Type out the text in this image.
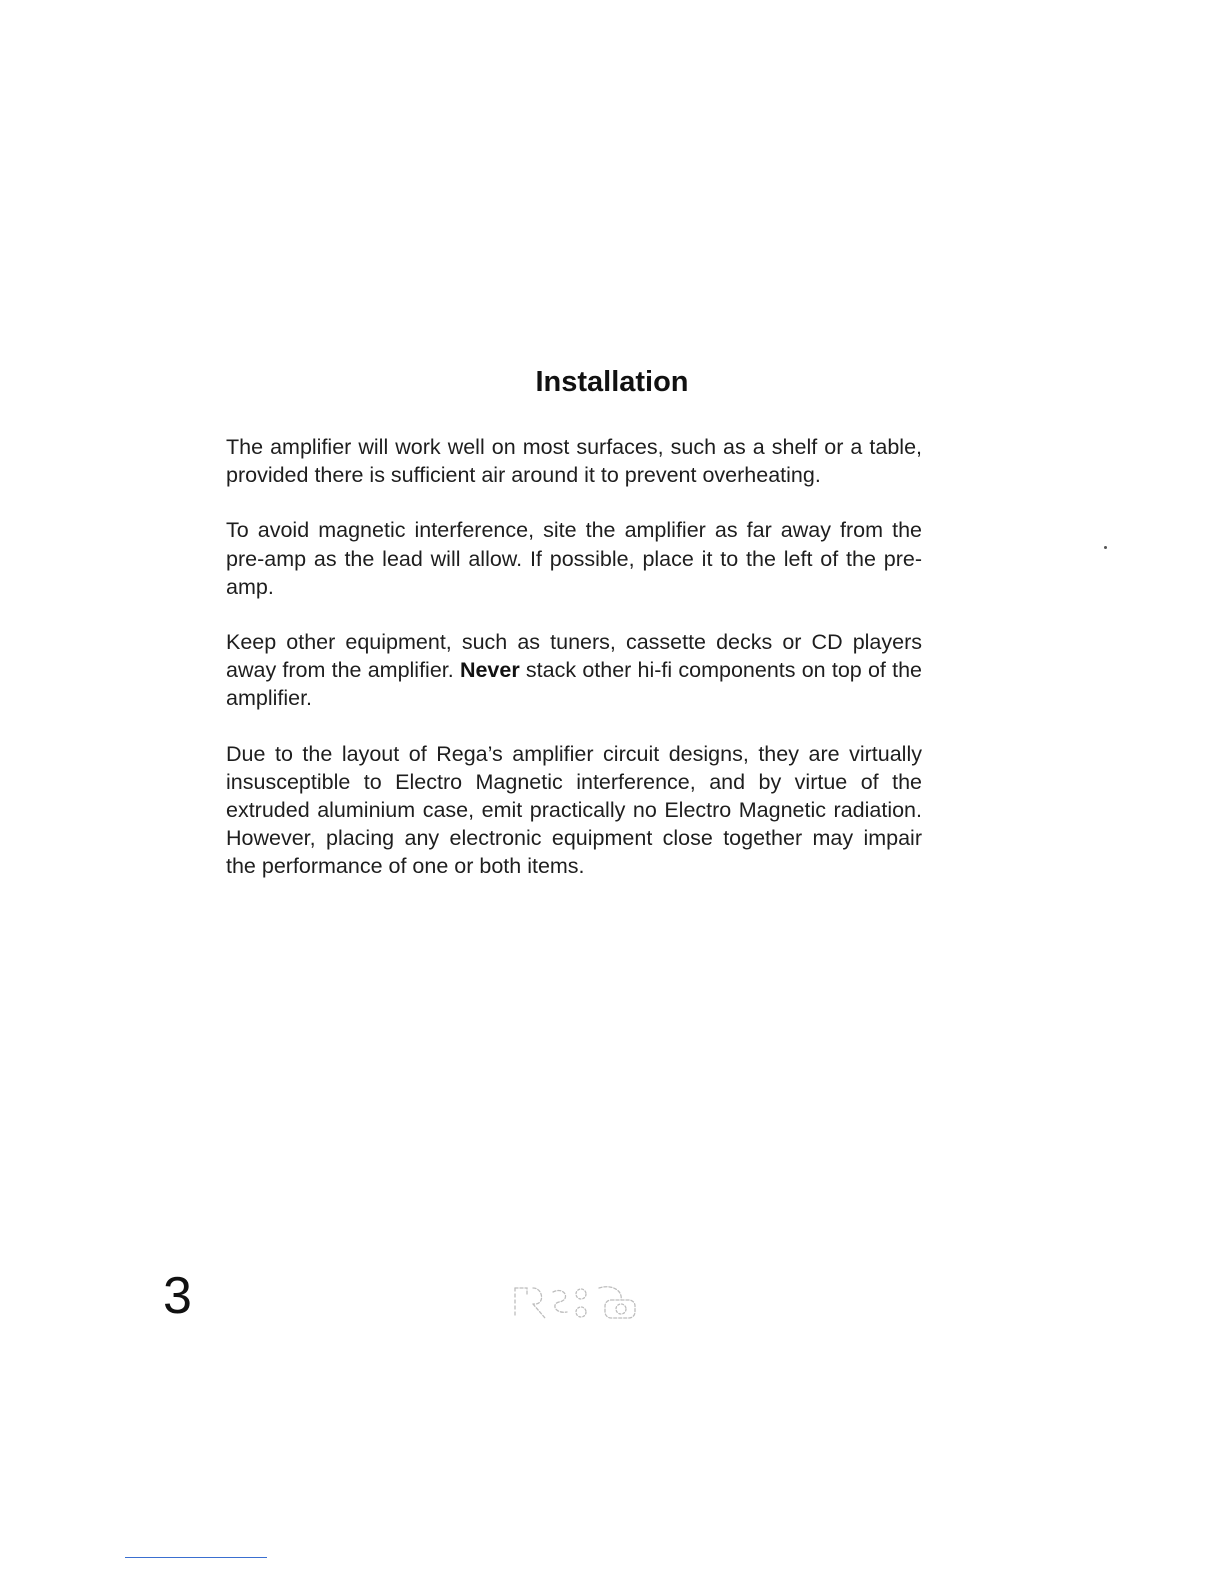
Installation

The amplifier will work well on most surfaces, such as a shelf or a table, provided there is sufficient air around it to prevent overheating.

To avoid magnetic interference, site the amplifier as far away from the pre-amp as the lead will allow. If possible, place it to the left of the pre-amp.

Keep other equipment, such as tuners, cassette decks or CD players away from the amplifier. Never stack other hi-fi components on top of the amplifier.

Due to the layout of Rega’s amplifier circuit designs, they are virtually insusceptible to Electro Magnetic interference, and by virtue of the extruded aluminium case, emit practically no Electro Magnetic radiation. However, placing any electronic equipment close together may impair the performance of one or both items.

3
